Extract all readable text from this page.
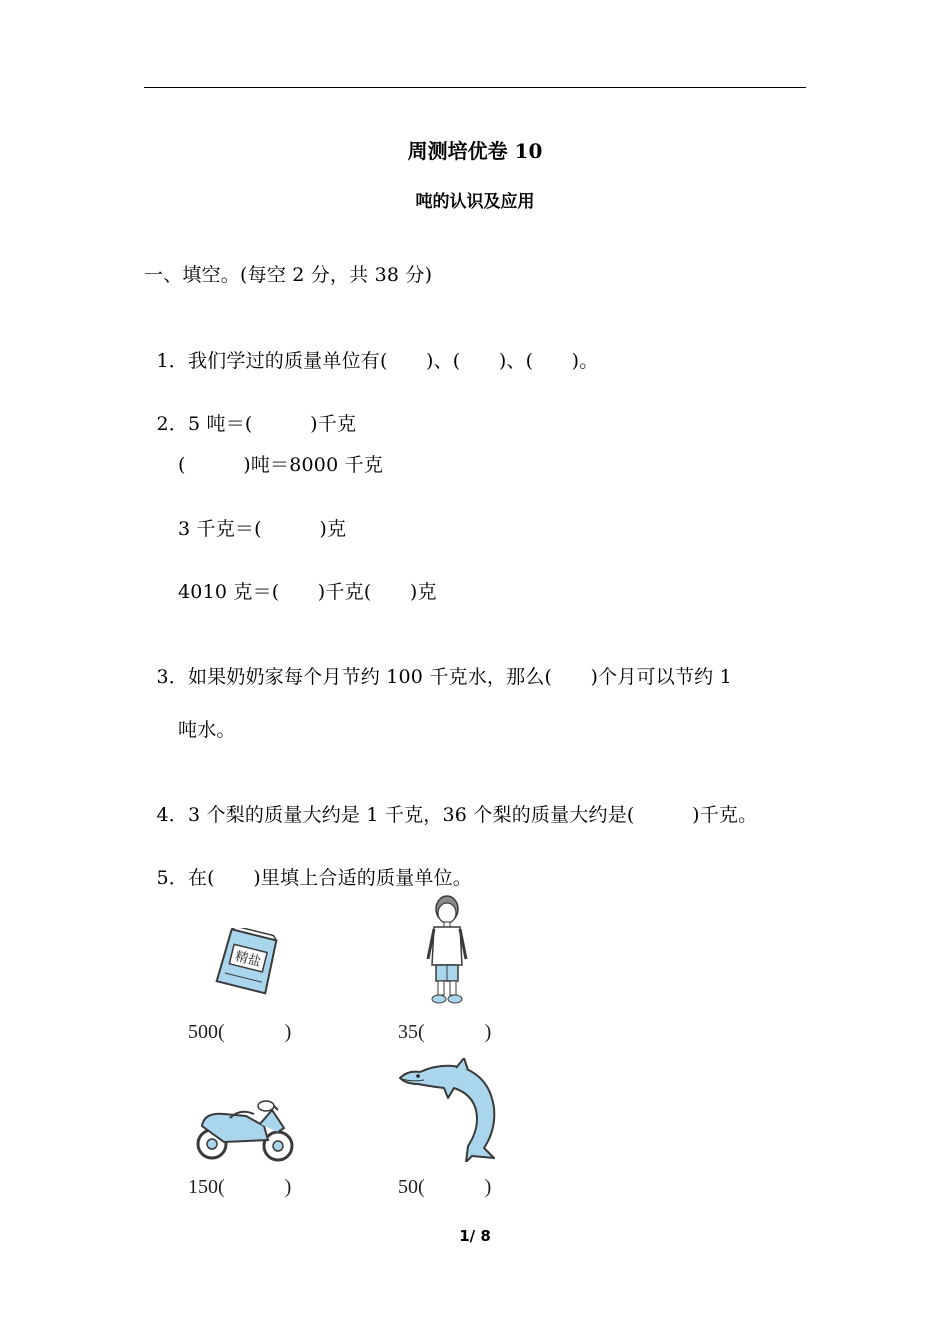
周测培优卷 10
吨的认识及应用
一、填空。(每空 2 分，共 38 分)

1．我们学过的质量单位有(　　)、(　　)、(　　)。

2．5 吨＝(　　　)千克

(　　　)吨＝8000 千克
3 千克＝(　　　)克
4010 克＝(　　)千克(　　)克

3．如果奶奶家每个月节约 100 千克水，那么(　　)个月可以节约 1

吨水。

4．3 个梨的质量大约是 1 千克，36 个梨的质量大约是(　　　)千克。

5．在(　　)里填上合适的质量单位。

精盐
500(　　　)	35(　　　)
150(　　　)	50(　　　)
1/ 8
